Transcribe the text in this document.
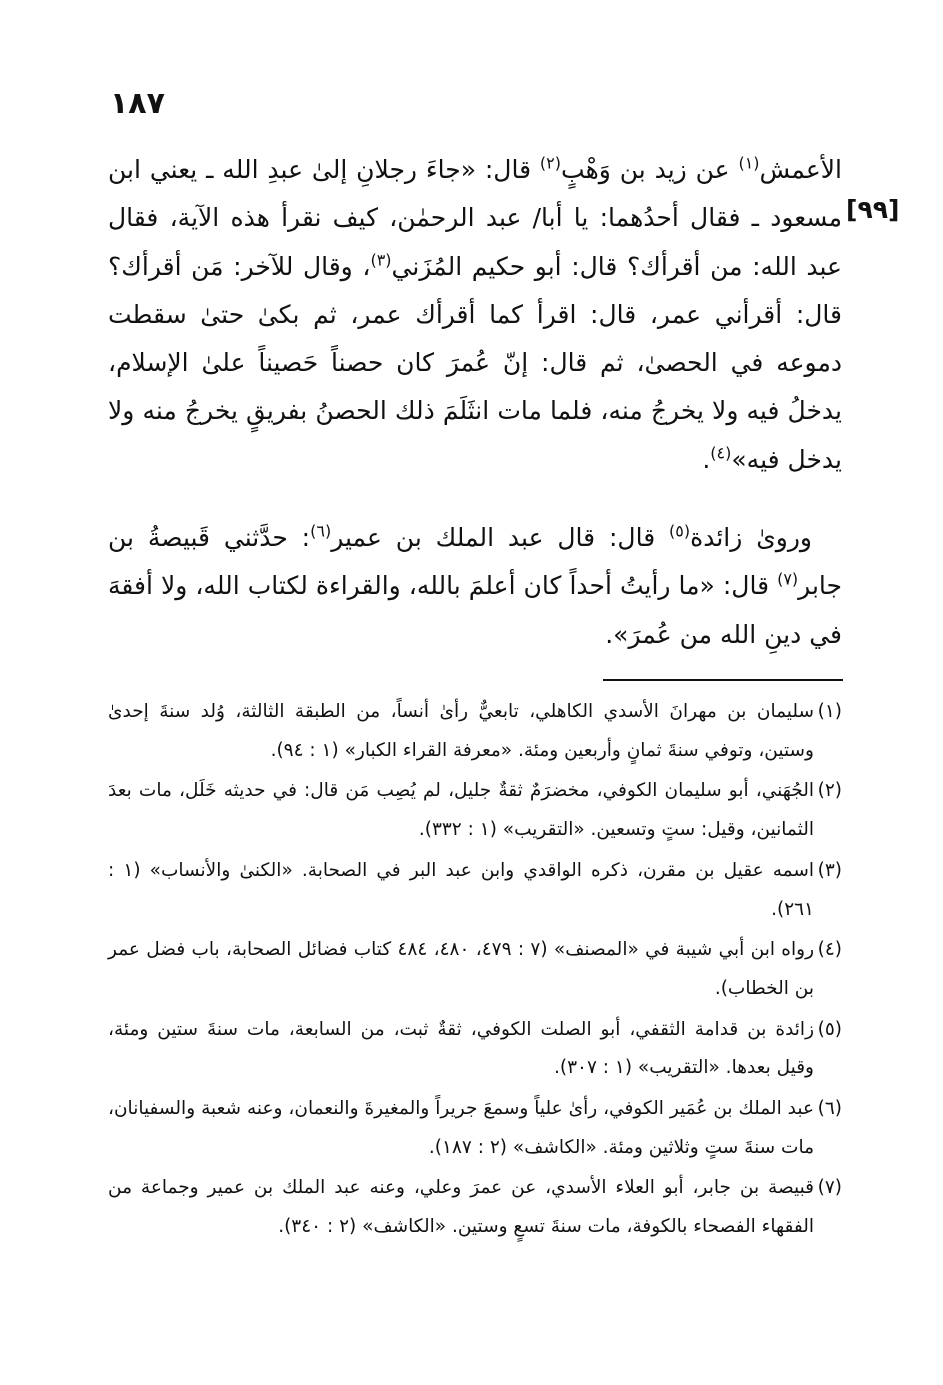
١٨٧
[٩٩]

الأعمش$^{(١)}$ عن زيد بن وَهْبٍ$^{(٢)}$ قال: «جاءَ رجلانِ إلىٰ عبدِ الله ـ يعني ابن مسعود ـ فقال أحدُهما: يا أبا/ عبد الرحمٰن، كيف نقرأ هذه الآية، فقال عبد الله: من أقرأك؟ قال: أبو حكيم المُزَني$^{(٣)}$، وقال للآخر: مَن أقرأك؟ قال: أقرأني عمر، قال: اقرأ كما أقرأك عمر، ثم بكىٰ حتىٰ سقطت دموعه في الحصىٰ، ثم قال: إنّ عُمرَ كان حصناً حَصيناً علىٰ الإسلام، يدخلُ فيه ولا يخرجُ منه، فلما مات انثَلَمَ ذلك الحصنُ بفريقٍ يخرجُ منه ولا يدخل فيه»$^{(٤)}$.

وروىٰ زائدة$^{(٥)}$ قال: قال عبد الملك بن عمير$^{(٦)}$: حدَّثني قَبيصةُ بن جابر$^{(٧)}$ قال: «ما رأيتُ أحداً كان أعلمَ بالله، والقراءة لكتاب الله، ولا أفقهَ في دينِ الله من عُمرَ».

(١)
سليمان بن مهرانَ الأسدي الكاهلي، تابعيٌّ رأىٰ أنساً، من الطبقة الثالثة، وُلد سنةَ إحدىٰ وستين، وتوفي سنةَ ثمانٍ وأربعين ومئة. «معرفة القراء الكبار» (١ : ٩٤).

(٢)
الجُهَني، أبو سليمان الكوفي، مخضرَمٌ ثقةٌ جليل، لم يُصِب مَن قال: في حديثه خَلَل، مات بعدَ الثمانين، وقيل: ستٍ وتسعين. «التقريب» (١ : ٣٣٢).

(٣)
اسمه عقيل بن مقرن، ذكره الواقدي وابن عبد البر في الصحابة. «الكنىٰ والأنساب» (١ : ٢٦١).

(٤)
رواه ابن أبي شيبة في «المصنف» (٧ : ٤٧٩، ٤٨٠، ٤٨٤ كتاب فضائل الصحابة، باب فضل عمر بن الخطاب).

(٥)
زائدة بن قدامة الثقفي، أبو الصلت الكوفي، ثقةٌ ثبت، من السابعة، مات سنةَ ستين ومئة، وقيل بعدها. «التقريب» (١ : ٣٠٧).

(٦)
عبد الملك بن عُمَير الكوفي، رأىٰ علياً وسمعَ جريراً والمغيرةَ والنعمان، وعنه شعبة والسفيانان، مات سنةَ ستٍ وثلاثين ومئة. «الكاشف» (٢ : ١٨٧).

(٧)
قبيصة بن جابر، أبو العلاء الأسدي، عن عمرَ وعلي، وعنه عبد الملك بن عمير وجماعة من الفقهاء الفصحاء بالكوفة، مات سنةَ تسعٍ وستين. «الكاشف» (٢ : ٣٤٠).
